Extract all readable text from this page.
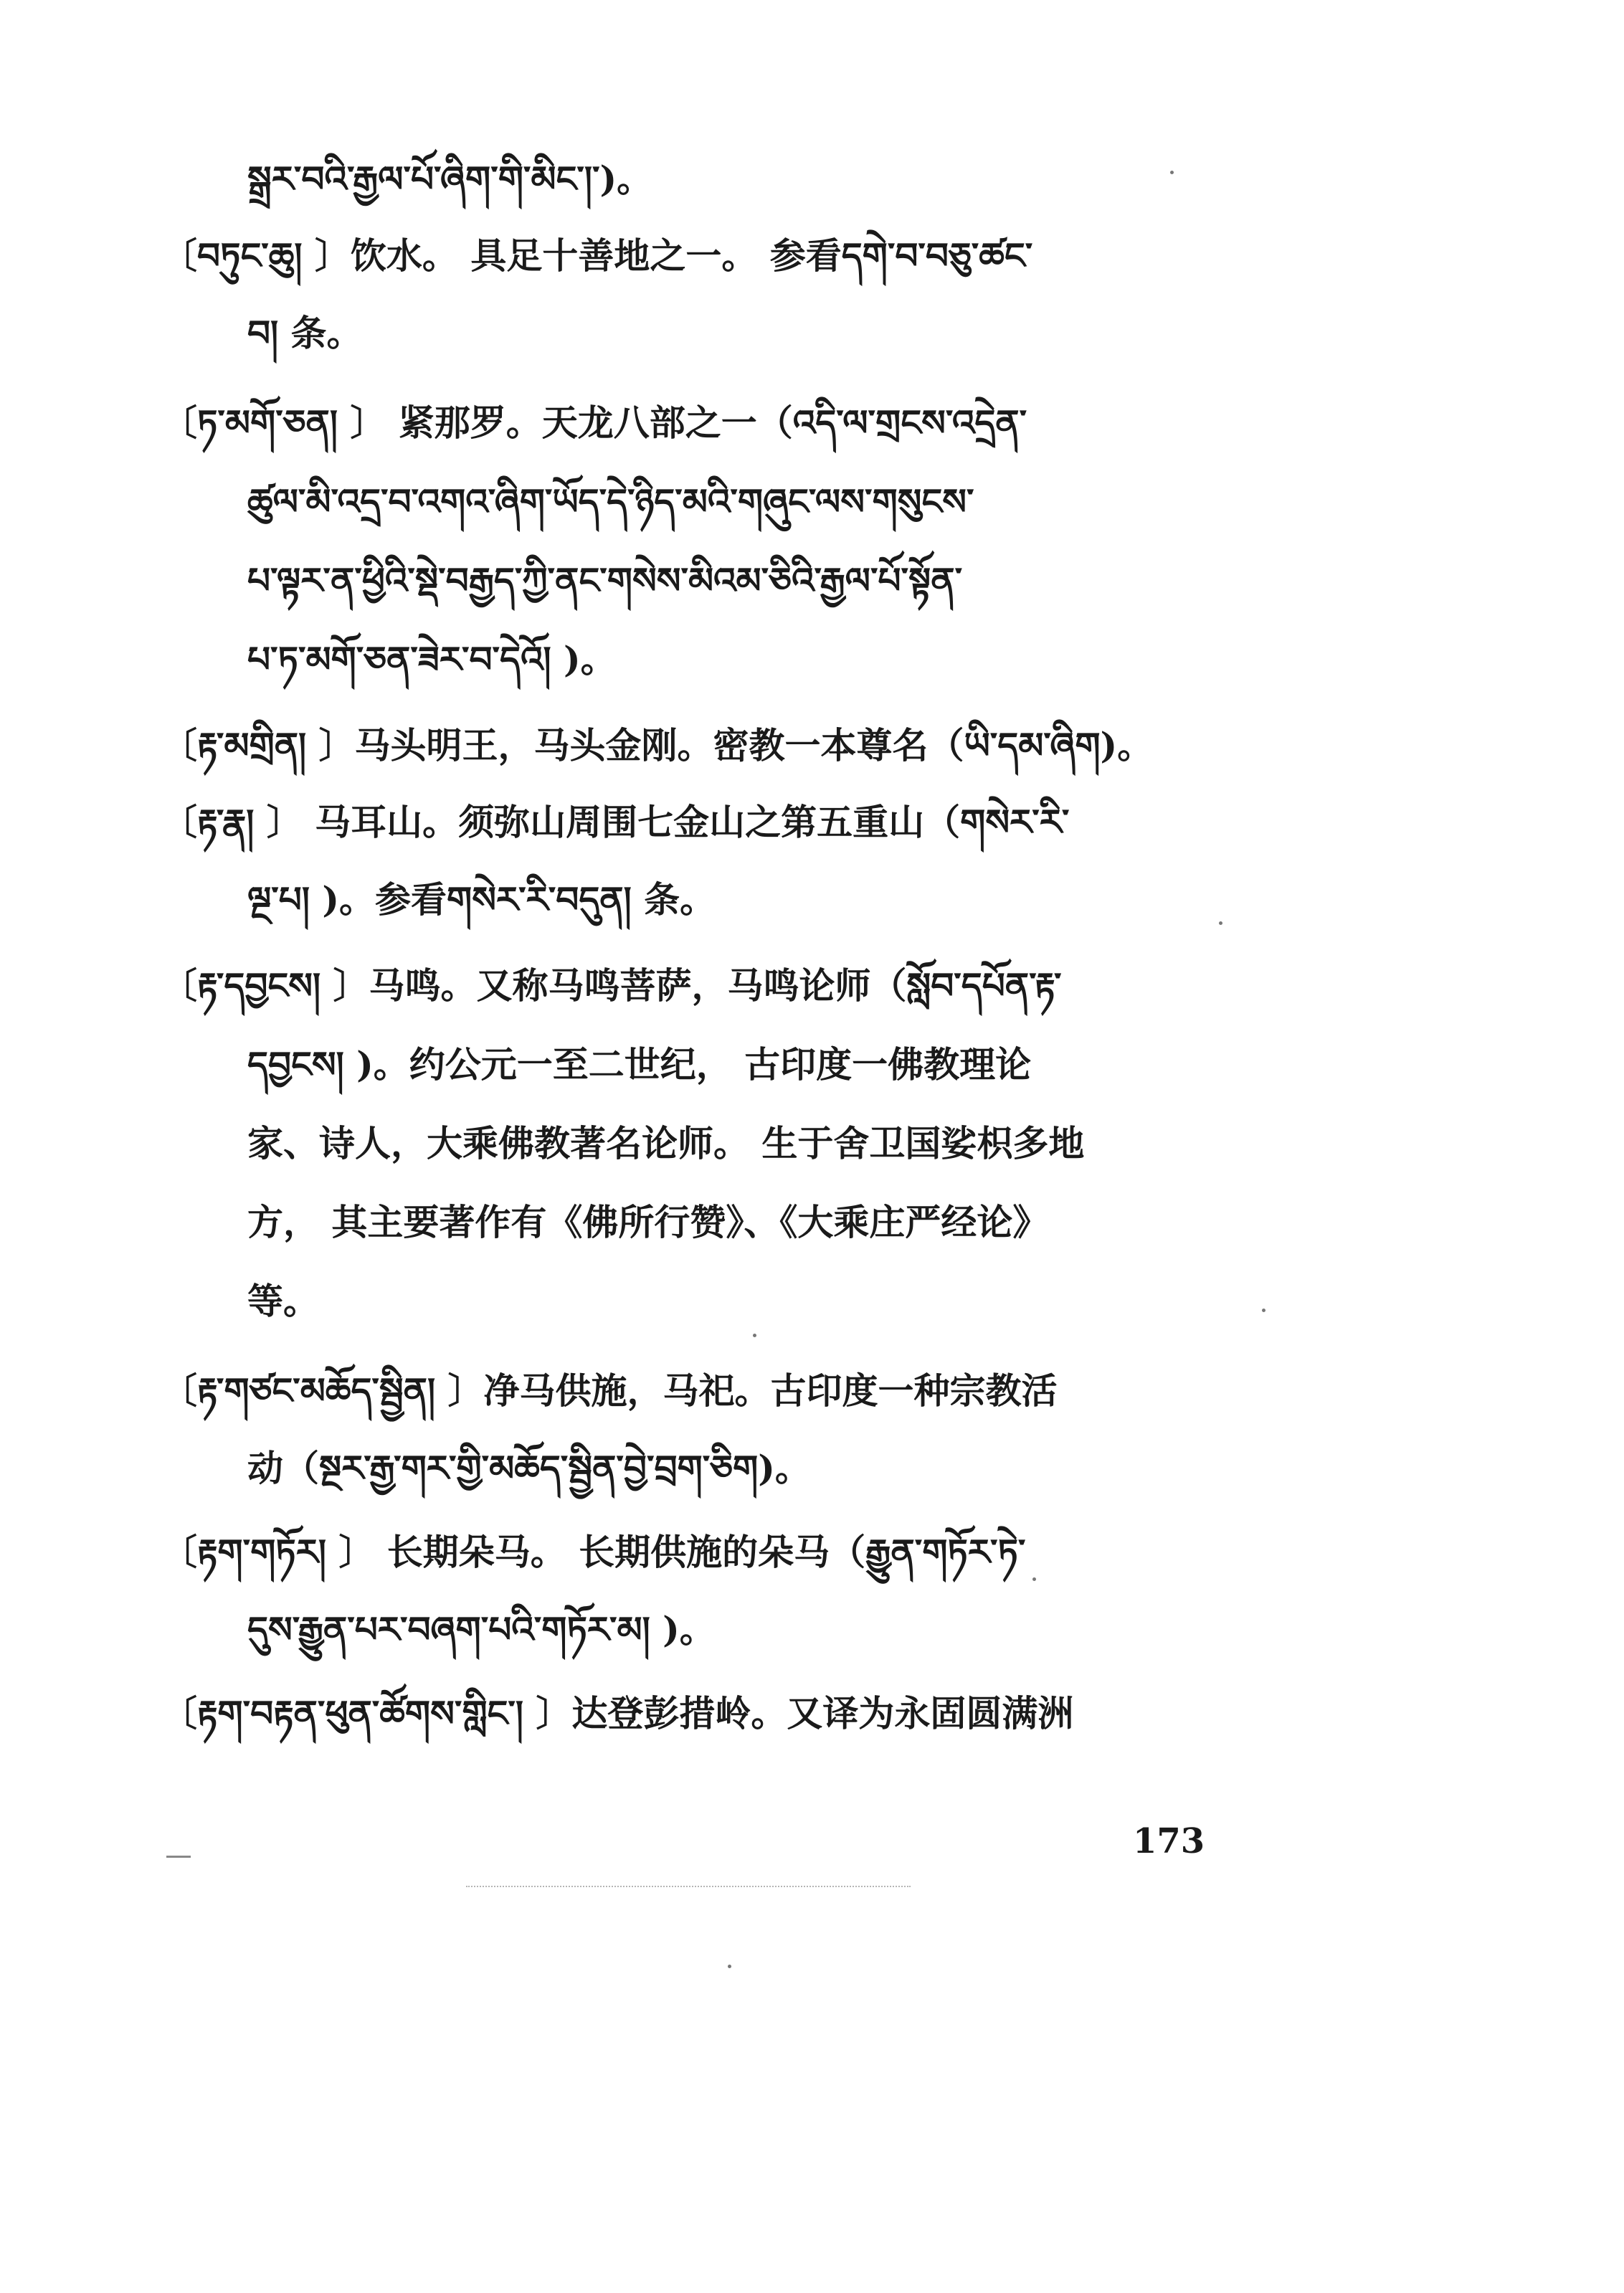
སྒྲར་བའི་རྒྱལ་པོ་ཞིག་གི་མིང་།་)。
〔བཏུང་ཆུ། 〕饮水。 具足十善地之一。 参看དགེ་བ་བཅུ་ཚང་
བ། 条。
〔ཏ་མགོ་ཅན། 〕 紧那罗。天龙八部之一（འདི་ལ་གྲངས་འདྲེན་
ཚུལ་མི་འདྲ་བ་འགའ་ཞིག་ཡོད་དེ་ཉིད་མའི་གཞུང་ལས་གསུངས་
པ་ལྟར་ན་ཕྱིའི་སྡེ་བརྒྱད་ཀྱི་ནང་གསེས་མིའམ་ཅིའི་རྒྱལ་པོ་སྟོན་
པ་ཏ་མགོ་ཅན་ཟེར་བ་དེའོ། )。
〔རྟ་མགྲིན། 〕马头明王，马头金刚。密教一本尊名（ཡི་དམ་ཞིག)。
〔རྟ་རྣ། 〕 马耳山。须弥山周围七金山之第五重山（གསེར་རི་
ལྔ་པ། )。参看གསེར་རི་བདུན། 条。
〔རྟ་དབྱངས། 〕马鸣。又称马鸣菩萨，马鸣论师（སློབ་དཔོན་རྟ་
དབྱངས། )。约公元一至二世纪， 古印度一佛教理论
家、诗人，大乘佛教著名论师。 生于舍卫国娑枳多地
方， 其主要著作有《佛所行赞》、《大乘庄严经论》
等。
〔རྟ་གཙང་མཆོད་སྦྱིན། 〕净马供施，马祀。古印度一种宗教活
动（སྔར་རྒྱ་གར་གྱི་མཆོད་སྦྱིན་བྱེ་བྲག་ཅིག)。
〔རྟག་གཏོར། 〕 长期朵马。 长期供施的朵马（རྒྱུན་གཏོར་ཏེ་
དུས་རྒྱུན་པར་བཞག་པའི་གཏོར་མ། )。
〔རྟག་བརྟན་ཕུན་ཚོགས་གླིང་། 〕达登彭措岭。又译为永固圆满洲
173
